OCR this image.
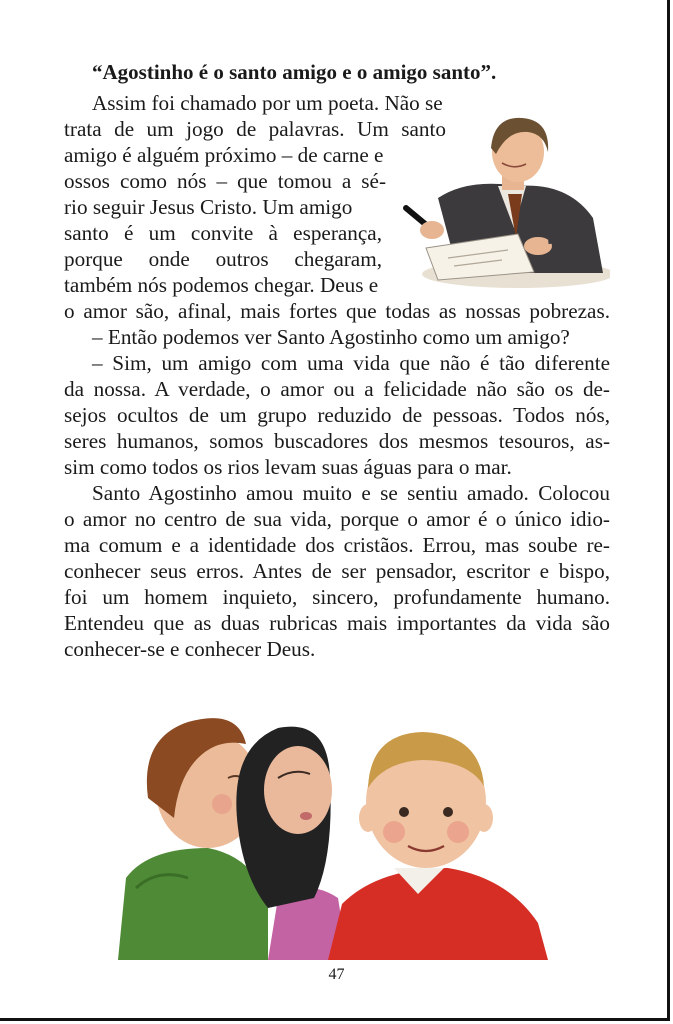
“Agostinho é o santo amigo e o amigo santo”.
Assim foi chamado por um poeta. Não se
trata de um jogo de palavras. Um santo
amigo é alguém próximo – de carne e
ossos como nós – que tomou a sé-
rio seguir Jesus Cristo. Um amigo
santo é um convite à esperança,
porque onde outros chegaram,
também nós podemos chegar. Deus e
o amor são, afinal, mais fortes que todas as nossas pobrezas.
– Então podemos ver Santo Agostinho como um amigo?
– Sim, um amigo com uma vida que não é tão diferente
da nossa. A verdade, o amor ou a felicidade não são os de-
sejos ocultos de um grupo reduzido de pessoas. Todos nós,
seres humanos, somos buscadores dos mesmos tesouros, as-
sim como todos os rios levam suas águas para o mar.
Santo Agostinho amou muito e se sentiu amado. Colocou
o amor no centro de sua vida, porque o amor é o único idio-
ma comum e a identidade dos cristãos. Errou, mas soube re-
conhecer seus erros. Antes de ser pensador, escritor e bispo,
foi um homem inquieto, sincero, profundamente humano.
Entendeu que as duas rubricas mais importantes da vida são
conhecer-se e conhecer Deus.
47
